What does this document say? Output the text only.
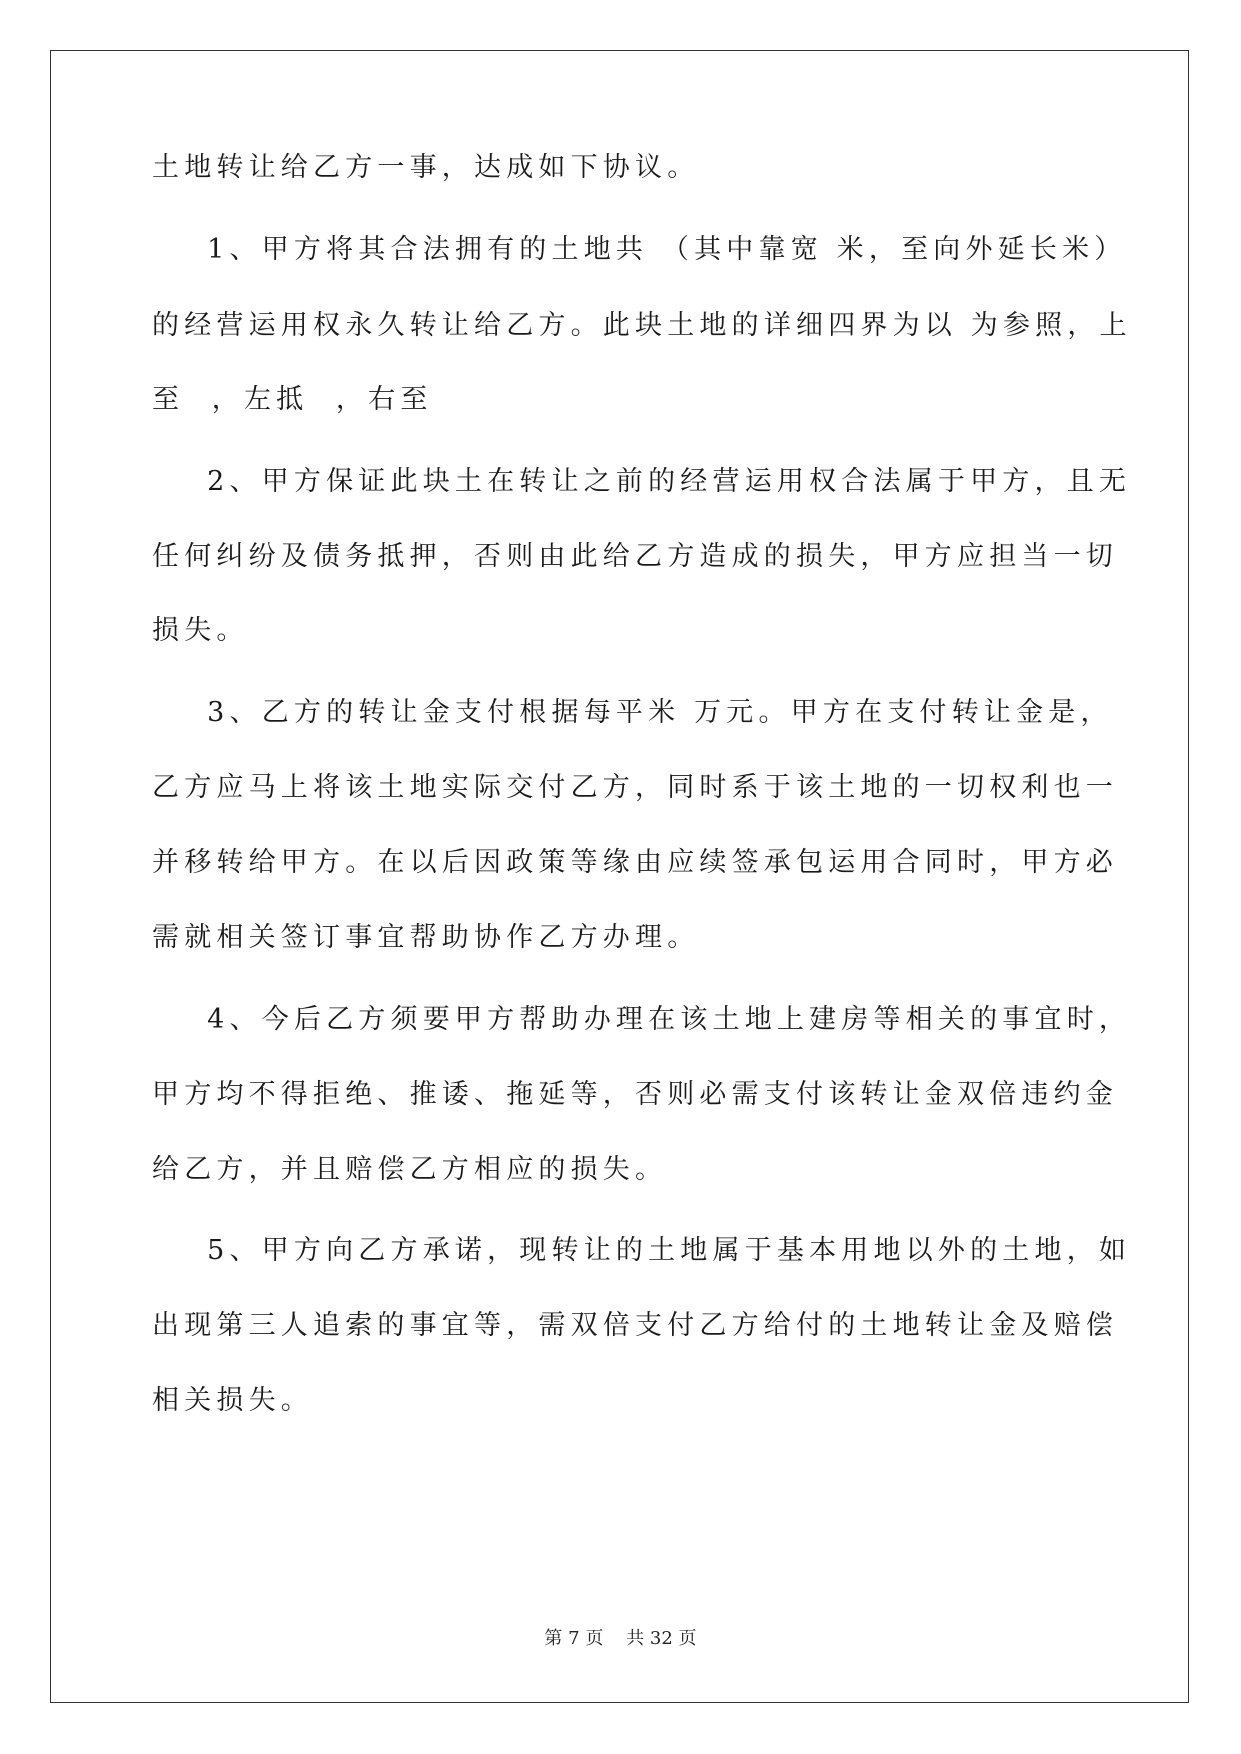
土地转让给乙方一事，达成如下协议。
1、甲方将其合法拥有的土地共 （其中靠宽 米，至向外延长米）
的经营运用权永久转让给乙方。此块土地的详细四界为以 为参照，上
至  ，左抵  ，右至
2、甲方保证此块土在转让之前的经营运用权合法属于甲方，且无
任何纠纷及债务抵押，否则由此给乙方造成的损失，甲方应担当一切
损失。
3、乙方的转让金支付根据每平米 万元。甲方在支付转让金是，
乙方应马上将该土地实际交付乙方，同时系于该土地的一切权利也一
并移转给甲方。在以后因政策等缘由应续签承包运用合同时，甲方必
需就相关签订事宜帮助协作乙方办理。
4、今后乙方须要甲方帮助办理在该土地上建房等相关的事宜时，
甲方均不得拒绝、推诿、拖延等，否则必需支付该转让金双倍违约金
给乙方，并且赔偿乙方相应的损失。
5、甲方向乙方承诺，现转让的土地属于基本用地以外的土地，如
出现第三人追索的事宜等，需双倍支付乙方给付的土地转让金及赔偿
相关损失。
第 7 页    共 32 页
